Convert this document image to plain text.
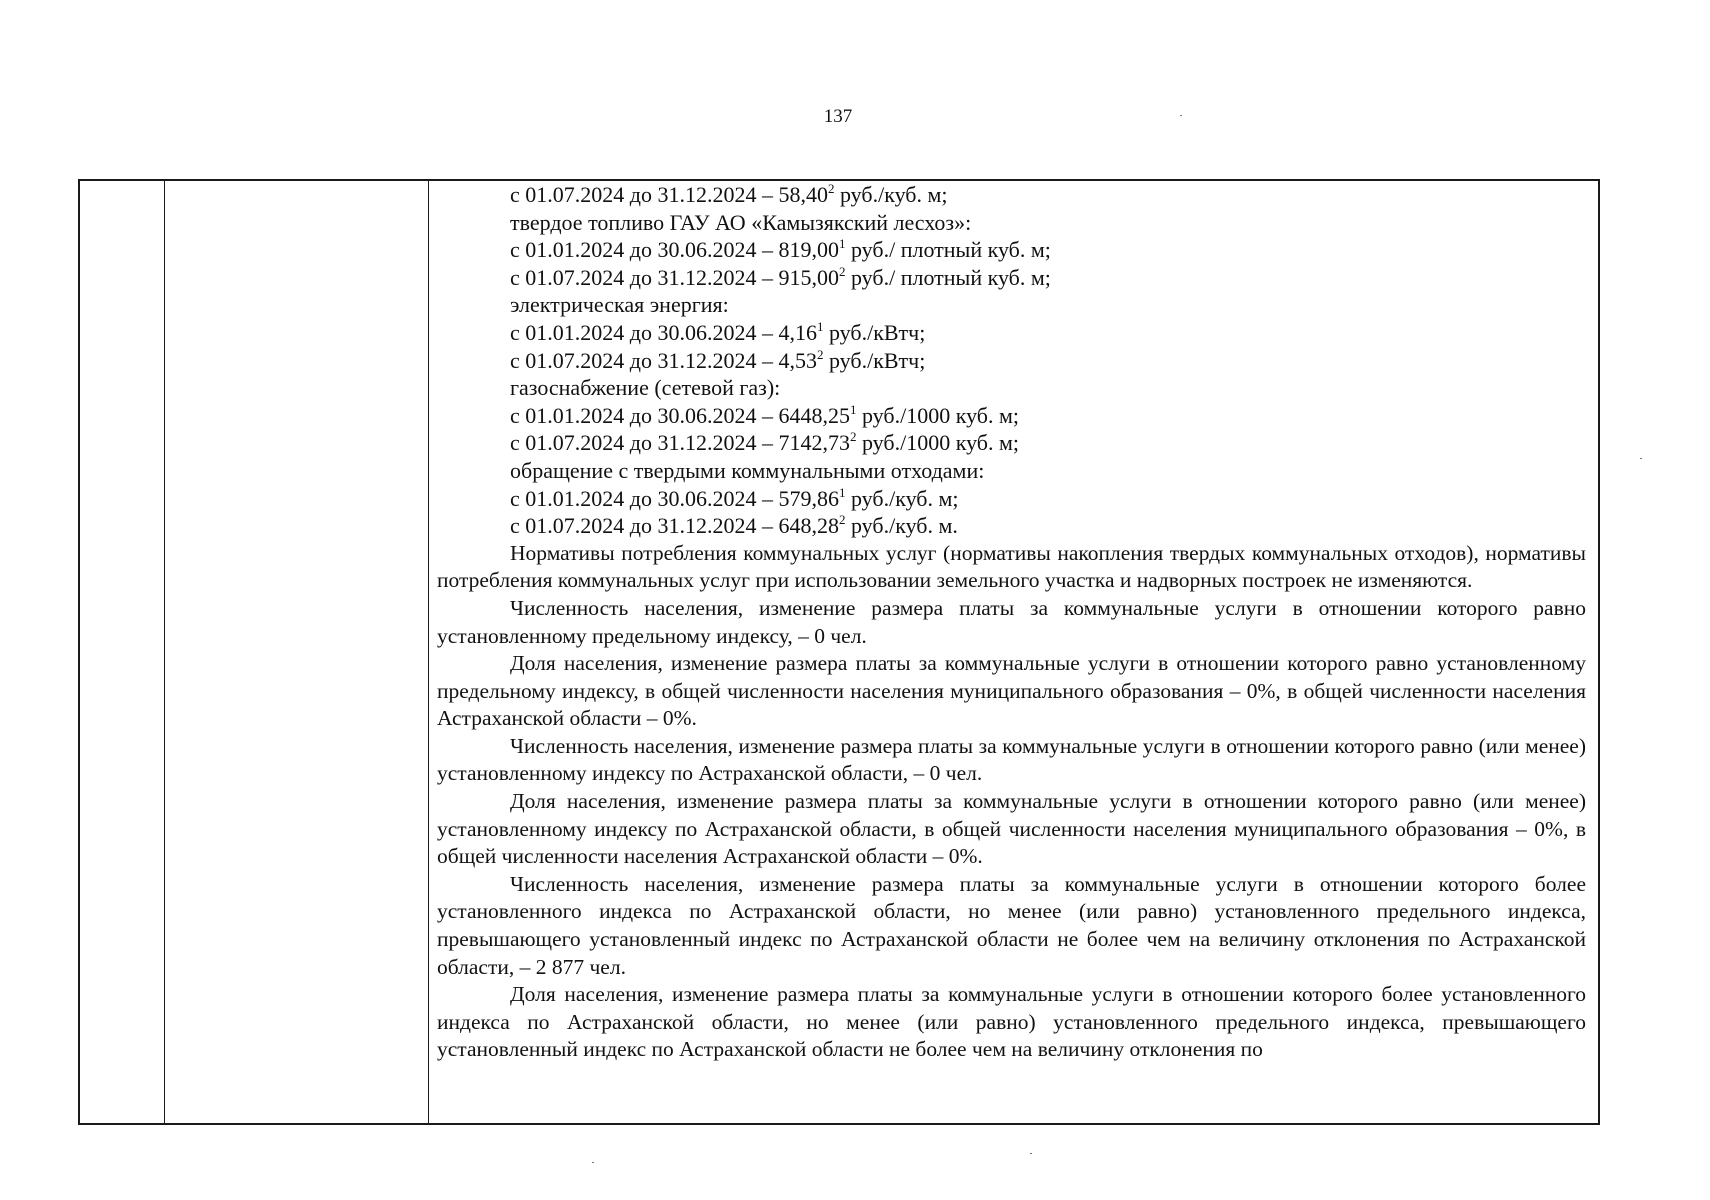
137
с 01.07.2024 до 31.12.2024 – 58,40$^2$ руб./куб. м;
твердое топливо ГАУ АО «Камызякский лесхоз»:
с 01.01.2024 до 30.06.2024 – 819,00$^1$ руб./ плотный куб. м;
с 01.07.2024 до 31.12.2024 – 915,00$^2$ руб./ плотный куб. м;
электрическая энергия:
с 01.01.2024 до 30.06.2024 – 4,16$^1$ руб./кВтч;
с 01.07.2024 до 31.12.2024 – 4,53$^2$ руб./кВтч;
газоснабжение (сетевой газ):
с 01.01.2024 до 30.06.2024 – 6448,25$^1$ руб./1000 куб. м;
с 01.07.2024 до 31.12.2024 – 7142,73$^2$ руб./1000 куб. м;
обращение с твердыми коммунальными отходами:
с 01.01.2024 до 30.06.2024 – 579,86$^1$ руб./куб. м;
с 01.07.2024 до 31.12.2024 – 648,28$^2$ руб./куб. м.

Нормативы потребления коммунальных услуг (нормативы накопления твердых коммунальных отходов), нормативы потребления коммунальных услуг при использовании земельного участка и надворных построек не изменяются.

Численность населения, изменение размера платы за коммунальные услуги в отношении которого равно установленному предельному индексу, – 0 чел.

Доля населения, изменение размера платы за коммунальные услуги в отношении которого равно установленному предельному индексу, в общей численности населения муниципального образования – 0%, в общей численности населения Астраханской области – 0%.

Численность населения, изменение размера платы за коммунальные услуги в отношении которого равно (или менее) установленному индексу по Астраханской области, – 0 чел.

Доля населения, изменение размера платы за коммунальные услуги в отношении которого равно (или менее) установленному индексу по Астраханской области, в общей численности населения муниципального образования – 0%, в общей численности населения Астраханской области – 0%.

Численность населения, изменение размера платы за коммунальные услуги в отношении которого более установленного индекса по Астраханской области, но менее (или равно) установленного предельного индекса, превышающего установленный индекс по Астраханской области не более чем на величину отклонения по Астраханской области, – 2 877 чел.

Доля населения, изменение размера платы за коммунальные услуги в отношении которого более установленного индекса по Астраханской области, но менее (или равно) установленного предельного индекса, превышающего установленный индекс по Астраханской области не более чем на величину отклонения по
